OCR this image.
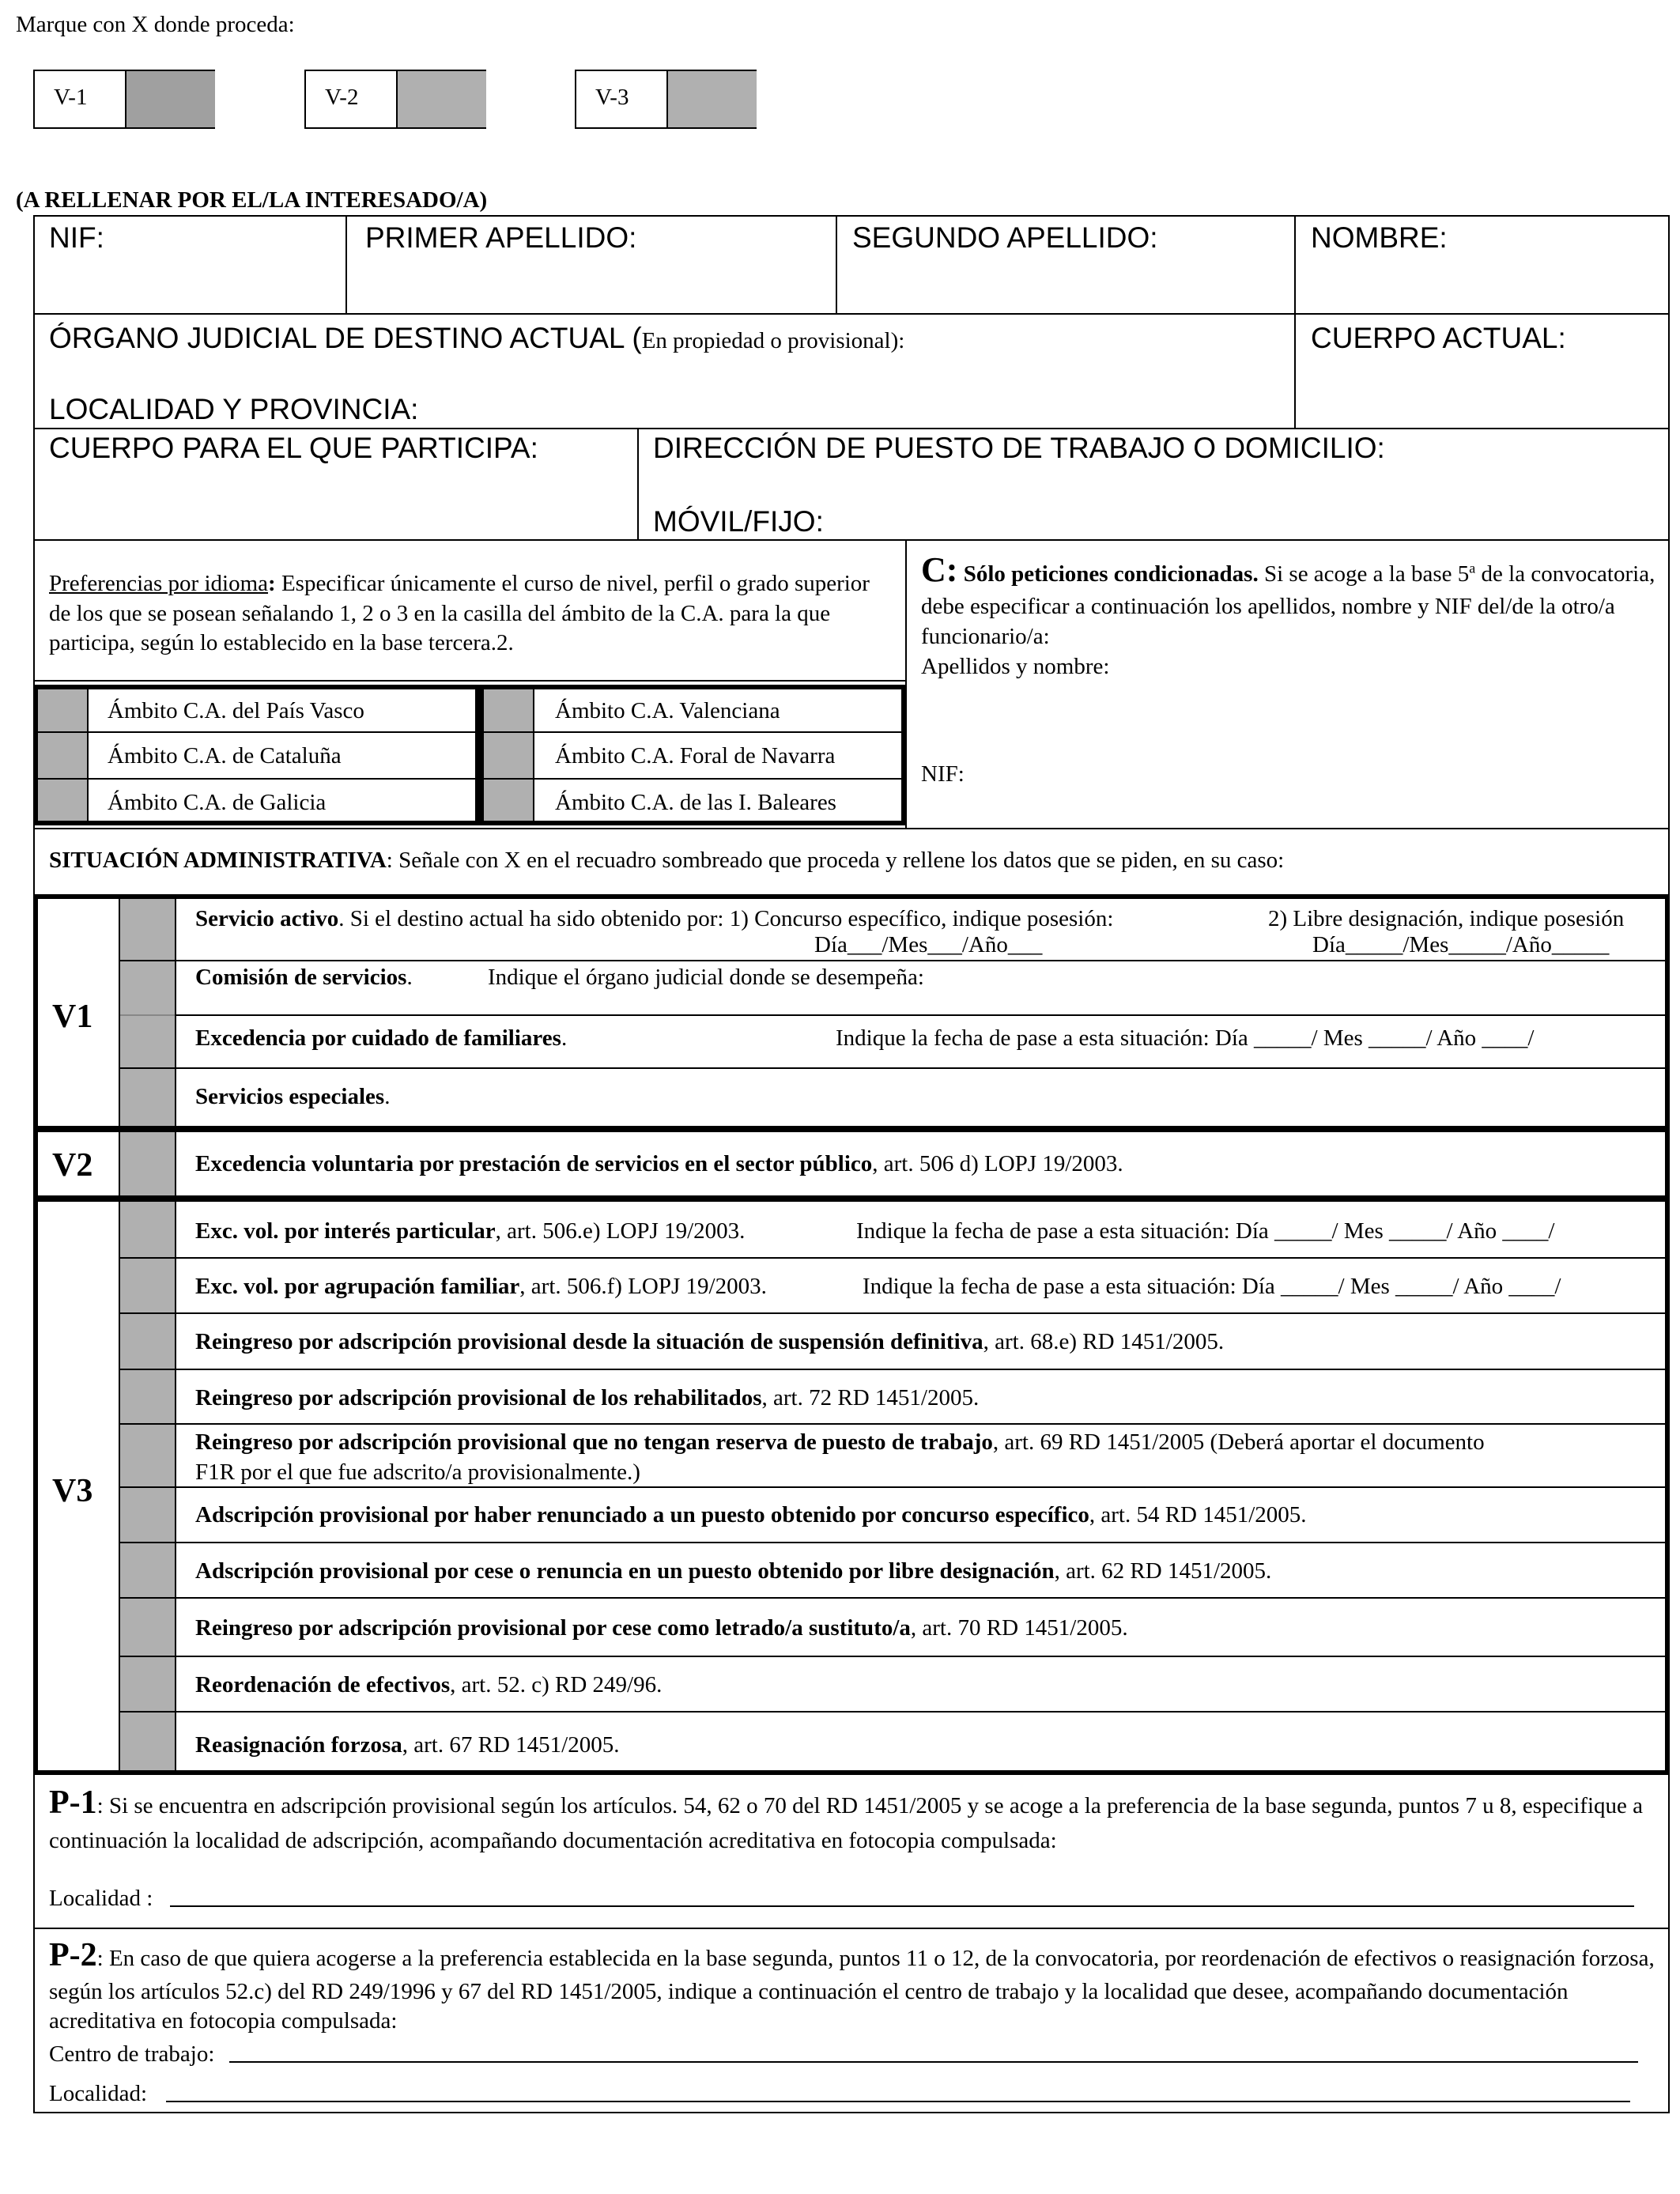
Marque con X donde proceda:
V-1	V-2	V-3
(A RELLENAR POR EL/LA INTERESADO/A)
NIF:	PRIMER APELLIDO:	SEGUNDO APELLIDO:	NOMBRE:
ÓRGANO JUDICIAL DE DESTINO ACTUAL (En propiedad o provisional):	CUERPO ACTUAL:
LOCALIDAD Y PROVINCIA:
CUERPO PARA EL QUE PARTICIPA:	DIRECCIÓN DE PUESTO DE TRABAJO O DOMICILIO:
MÓVIL/FIJO:
Preferencias por idioma: Especificar únicamente el curso de nivel, perfil o grado superior de los que se posean señalando 1, 2 o 3 en la casilla del ámbito de la C.A. para la que participa, según lo establecido en la base tercera.2.
Ámbito C.A. del País Vasco
Ámbito C.A. de Cataluña
Ámbito C.A. de Galicia
Ámbito C.A. Valenciana
Ámbito C.A. Foral de Navarra
Ámbito C.A. de las I. Baleares
C: Sólo peticiones condicionadas. Si se acoge a la base 5$^a$ de la convocatoria, debe especificar a continuación los apellidos, nombre y NIF del/de la otro/a funcionario/a:
Apellidos y nombre:
NIF:
SITUACIÓN ADMINISTRATIVA: Señale con X en el recuadro sombreado que proceda y rellene los datos que se piden, en su caso:
V1
Servicio activo. Si el destino actual ha sido obtenido por: 1) Concurso específico, indique posesión:	2) Libre designación, indique posesión
Día___/Mes___/Año___	Día_____/Mes_____/Año_____
Comisión de servicios.	Indique el órgano judicial donde se desempeña:
Excedencia por cuidado de familiares.	Indique la fecha de pase a esta situación: Día _____/ Mes _____/ Año ____/
Servicios especiales.
V2	Excedencia voluntaria por prestación de servicios en el sector público, art. 506 d) LOPJ 19/2003.
V3
Exc. vol. por interés particular, art. 506.e) LOPJ 19/2003.	Indique la fecha de pase a esta situación: Día _____/ Mes _____/ Año ____/
Exc. vol. por agrupación familiar, art. 506.f) LOPJ 19/2003.	Indique la fecha de pase a esta situación: Día _____/ Mes _____/ Año ____/
Reingreso por adscripción provisional desde la situación de suspensión definitiva, art. 68.e) RD 1451/2005.
Reingreso por adscripción provisional de los rehabilitados, art. 72 RD 1451/2005.
Reingreso por adscripción provisional que no tengan reserva de puesto de trabajo, art. 69 RD 1451/2005 (Deberá aportar el documento
F1R por el que fue adscrito/a provisionalmente.)
Adscripción provisional por haber renunciado a un puesto obtenido por concurso específico, art. 54 RD 1451/2005.
Adscripción provisional por cese o renuncia en un puesto obtenido por libre designación, art. 62 RD 1451/2005.
Reingreso por adscripción provisional por cese como letrado/a sustituto/a, art. 70 RD 1451/2005.
Reordenación de efectivos, art. 52. c) RD 249/96.
Reasignación forzosa, art. 67 RD 1451/2005.
P-1: Si se encuentra en adscripción provisional según los artículos. 54, 62 o 70 del RD 1451/2005 y se acoge a la preferencia de la base segunda, puntos 7 u 8, especifique a continuación la localidad de adscripción, acompañando documentación acreditativa en fotocopia compulsada:
Localidad :
P-2: En caso de que quiera acogerse a la preferencia establecida en la base segunda, puntos 11 o 12, de la convocatoria, por reordenación de efectivos o reasignación forzosa, según los artículos 52.c) del RD 249/1996 y 67 del RD 1451/2005, indique a continuación el centro de trabajo y la localidad que desee, acompañando documentación acreditativa en fotocopia compulsada:
Centro de trabajo:
Localidad:
